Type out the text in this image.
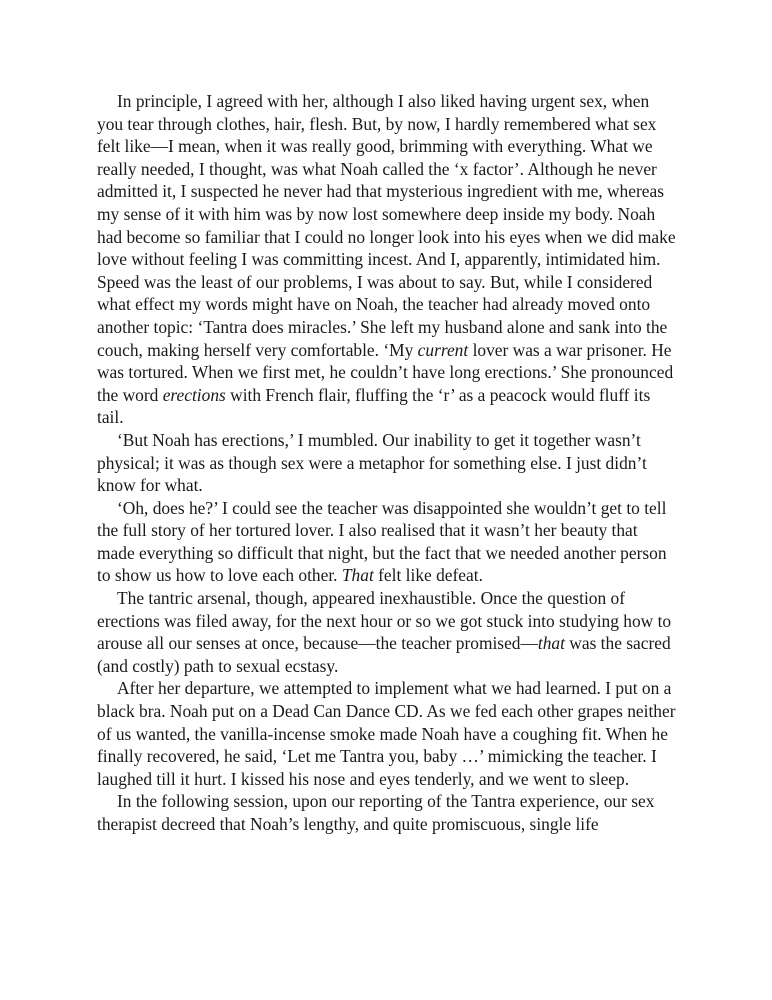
In principle, I agreed with her, although I also liked having urgent sex, when you tear through clothes, hair, flesh. But, by now, I hardly remembered what sex felt like—I mean, when it was really good, brimming with everything. What we really needed, I thought, was what Noah called the ‘x factor’. Although he never admitted it, I suspected he never had that mysterious ingredient with me, whereas my sense of it with him was by now lost somewhere deep inside my body. Noah had become so familiar that I could no longer look into his eyes when we did make love without feeling I was committing incest. And I, apparently, intimidated him. Speed was the least of our problems, I was about to say. But, while I considered what effect my words might have on Noah, the teacher had already moved onto another topic: ‘Tantra does miracles.’ She left my husband alone and sank into the couch, making herself very comfortable. ‘My current lover was a war prisoner. He was tortured. When we first met, he couldn’t have long erections.’ She pronounced the word erections with French flair, fluffing the ‘r’ as a peacock would fluff its tail.

‘But Noah has erections,’ I mumbled. Our inability to get it together wasn’t physical; it was as though sex were a metaphor for something else. I just didn’t know for what.

‘Oh, does he?’ I could see the teacher was disappointed she wouldn’t get to tell the full story of her tortured lover. I also realised that it wasn’t her beauty that made everything so difficult that night, but the fact that we needed another person to show us how to love each other. That felt like defeat.

The tantric arsenal, though, appeared inexhaustible. Once the question of erections was filed away, for the next hour or so we got stuck into studying how to arouse all our senses at once, because—the teacher promised—that was the sacred (and costly) path to sexual ecstasy.

After her departure, we attempted to implement what we had learned. I put on a black bra. Noah put on a Dead Can Dance CD. As we fed each other grapes neither of us wanted, the vanilla-incense smoke made Noah have a coughing fit. When he finally recovered, he said, ‘Let me Tantra you, baby …’ mimicking the teacher. I laughed till it hurt. I kissed his nose and eyes tenderly, and we went to sleep.

In the following session, upon our reporting of the Tantra experience, our sex therapist decreed that Noah’s lengthy, and quite promiscuous, single life
